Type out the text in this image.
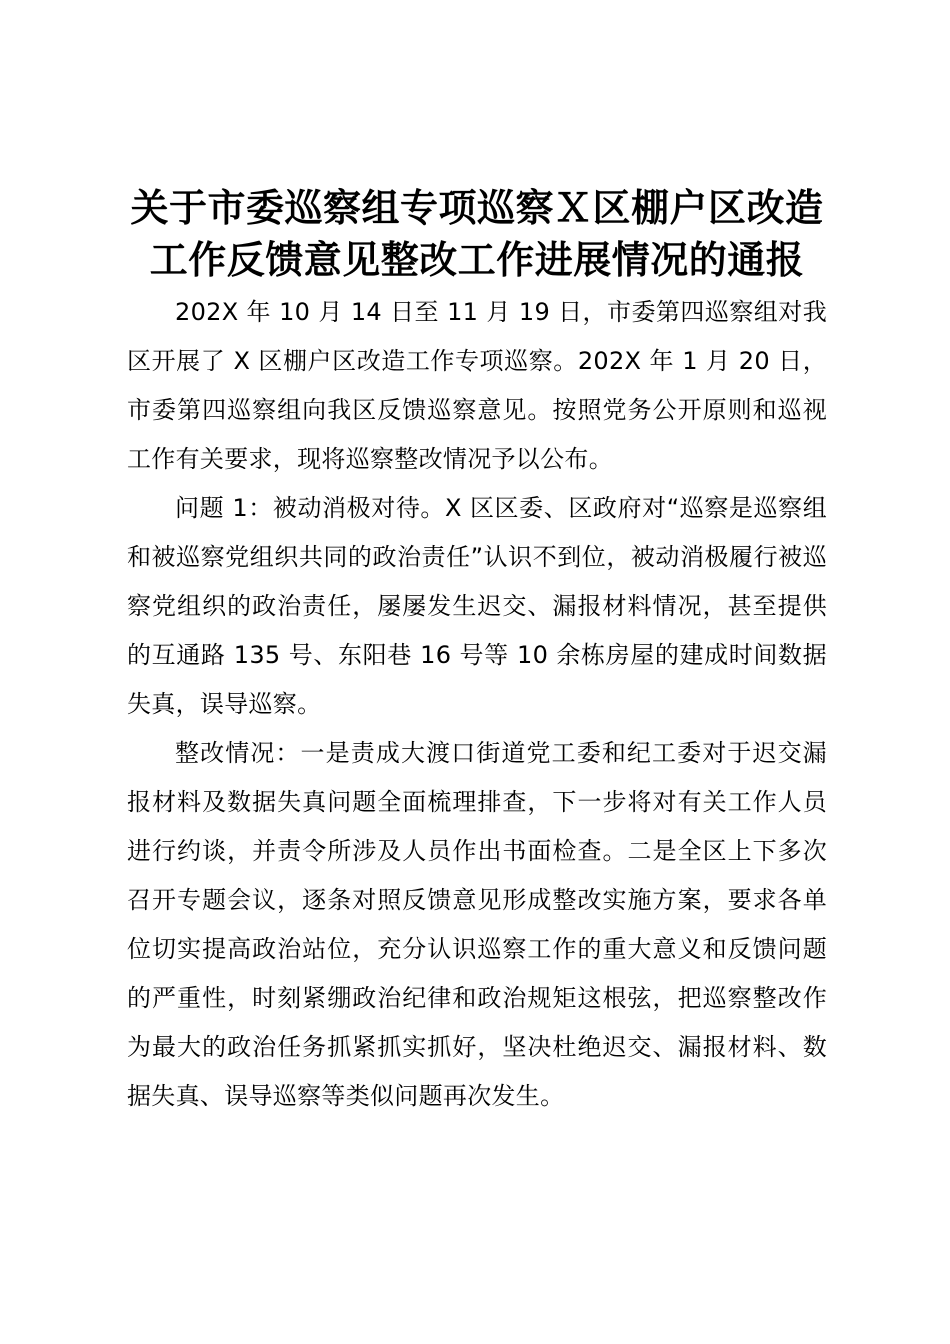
关于市委巡察组专项巡察Ｘ区棚户区改造工作反馈意见整改工作进展情况的通报

202X 年 10 月 14 日至 11 月 19 日，市委第四巡察组对我区开展了 X 区棚户区改造工作专项巡察。202X 年 1 月 20 日，市委第四巡察组向我区反馈巡察意见。按照党务公开原则和巡视工作有关要求，现将巡察整改情况予以公布。

问题 1：被动消极对待。X 区区委、区政府对“巡察是巡察组和被巡察党组织共同的政治责任”认识不到位，被动消极履行被巡察党组织的政治责任，屡屡发生迟交、漏报材料情况，甚至提供的互通路 135 号、东阳巷 16 号等 10 余栋房屋的建成时间数据失真，误导巡察。

整改情况：一是责成大渡口街道党工委和纪工委对于迟交漏报材料及数据失真问题全面梳理排查，下一步将对有关工作人员进行约谈，并责令所涉及人员作出书面检查。二是全区上下多次召开专题会议，逐条对照反馈意见形成整改实施方案，要求各单位切实提高政治站位，充分认识巡察工作的重大意义和反馈问题的严重性，时刻紧绷政治纪律和政治规矩这根弦，把巡察整改作为最大的政治任务抓紧抓实抓好，坚决杜绝迟交、漏报材料、数据失真、误导巡察等类似问题再次发生。
